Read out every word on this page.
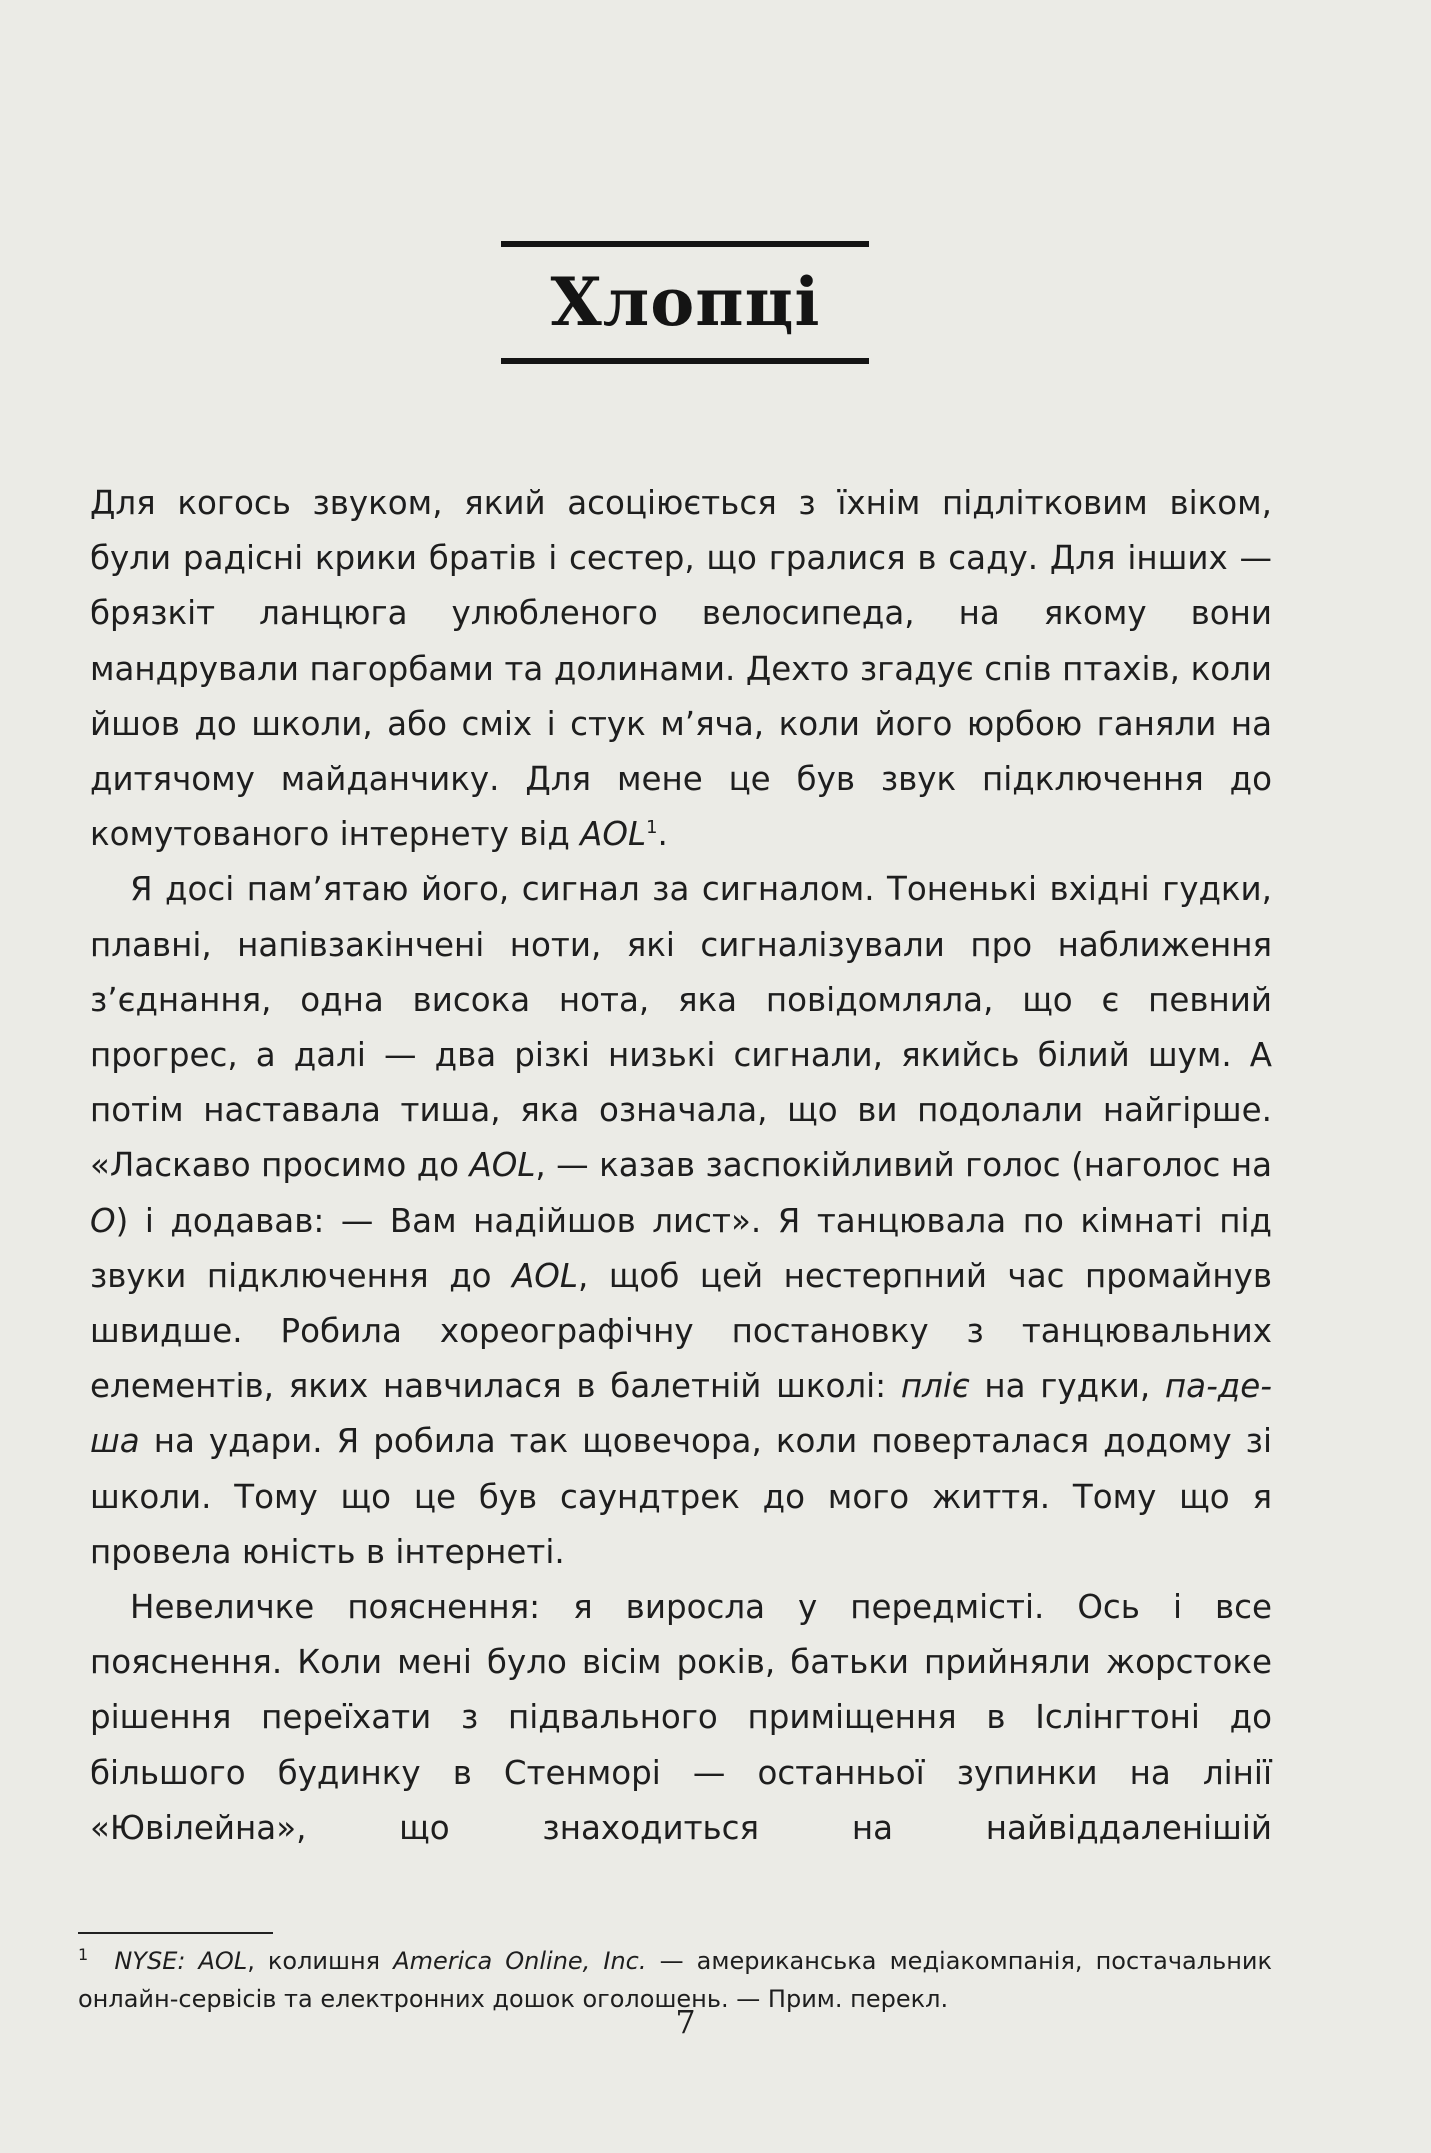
Хлопці

Для когось звуком, який асоціюється з їхнім підлітковим віком, були радісні крики братів і сестер, що гралися в саду. Для інших — брязкіт ланцюга улюбленого велосипеда, на якому вони мандрували пагорбами та долинами. Дехто згадує спів птахів, коли йшов до школи, або сміх і стук м’яча, коли його юрбою ганяли на дитячому майданчику. Для мене це був звук підключення до комутованого інтернету від AOL$^1$.

Я досі пам’ятаю його, сигнал за сигналом. Тоненькі вхідні гудки, плавні, напівзакінчені ноти, які сигналізували про наближення з’єднання, одна висока нота, яка повідомляла, що є певний прогрес, а далі — два різкі низькі сигнали, якийсь білий шум. А потім наставала тиша, яка означала, що ви подолали найгірше. «Ласкаво просимо до AOL, — казав заспокійливий голос (наголос на О) і додавав: — Вам надійшов лист». Я танцювала по кімнаті під звуки підключення до AOL, щоб цей нестерпний час промайнув швидше. Робила хореографічну постановку з танцювальних елементів, яких навчилася в балетній школі: пліє на гудки, па-де-ша на удари. Я робила так щовечора, коли поверталася додому зі школи. Тому що це був саундтрек до мого життя. Тому що я провела юність в інтернеті.

Невеличке пояснення: я виросла у передмісті. Ось і все пояснення. Коли мені було вісім років, батьки прийняли жорстоке рішення переїхати з підвального приміщення в Іслінгтоні до більшого будинку в Стенморі — останньої зупинки на лінії «Ювілейна», що знаходиться на найвіддаленішій

$^1$ NYSE: AOL, колишня America Online, Inc. — американська медіакомпанія, постачальник онлайн-сервісів та електронних дошок оголошень. — Прим. перекл.
7
